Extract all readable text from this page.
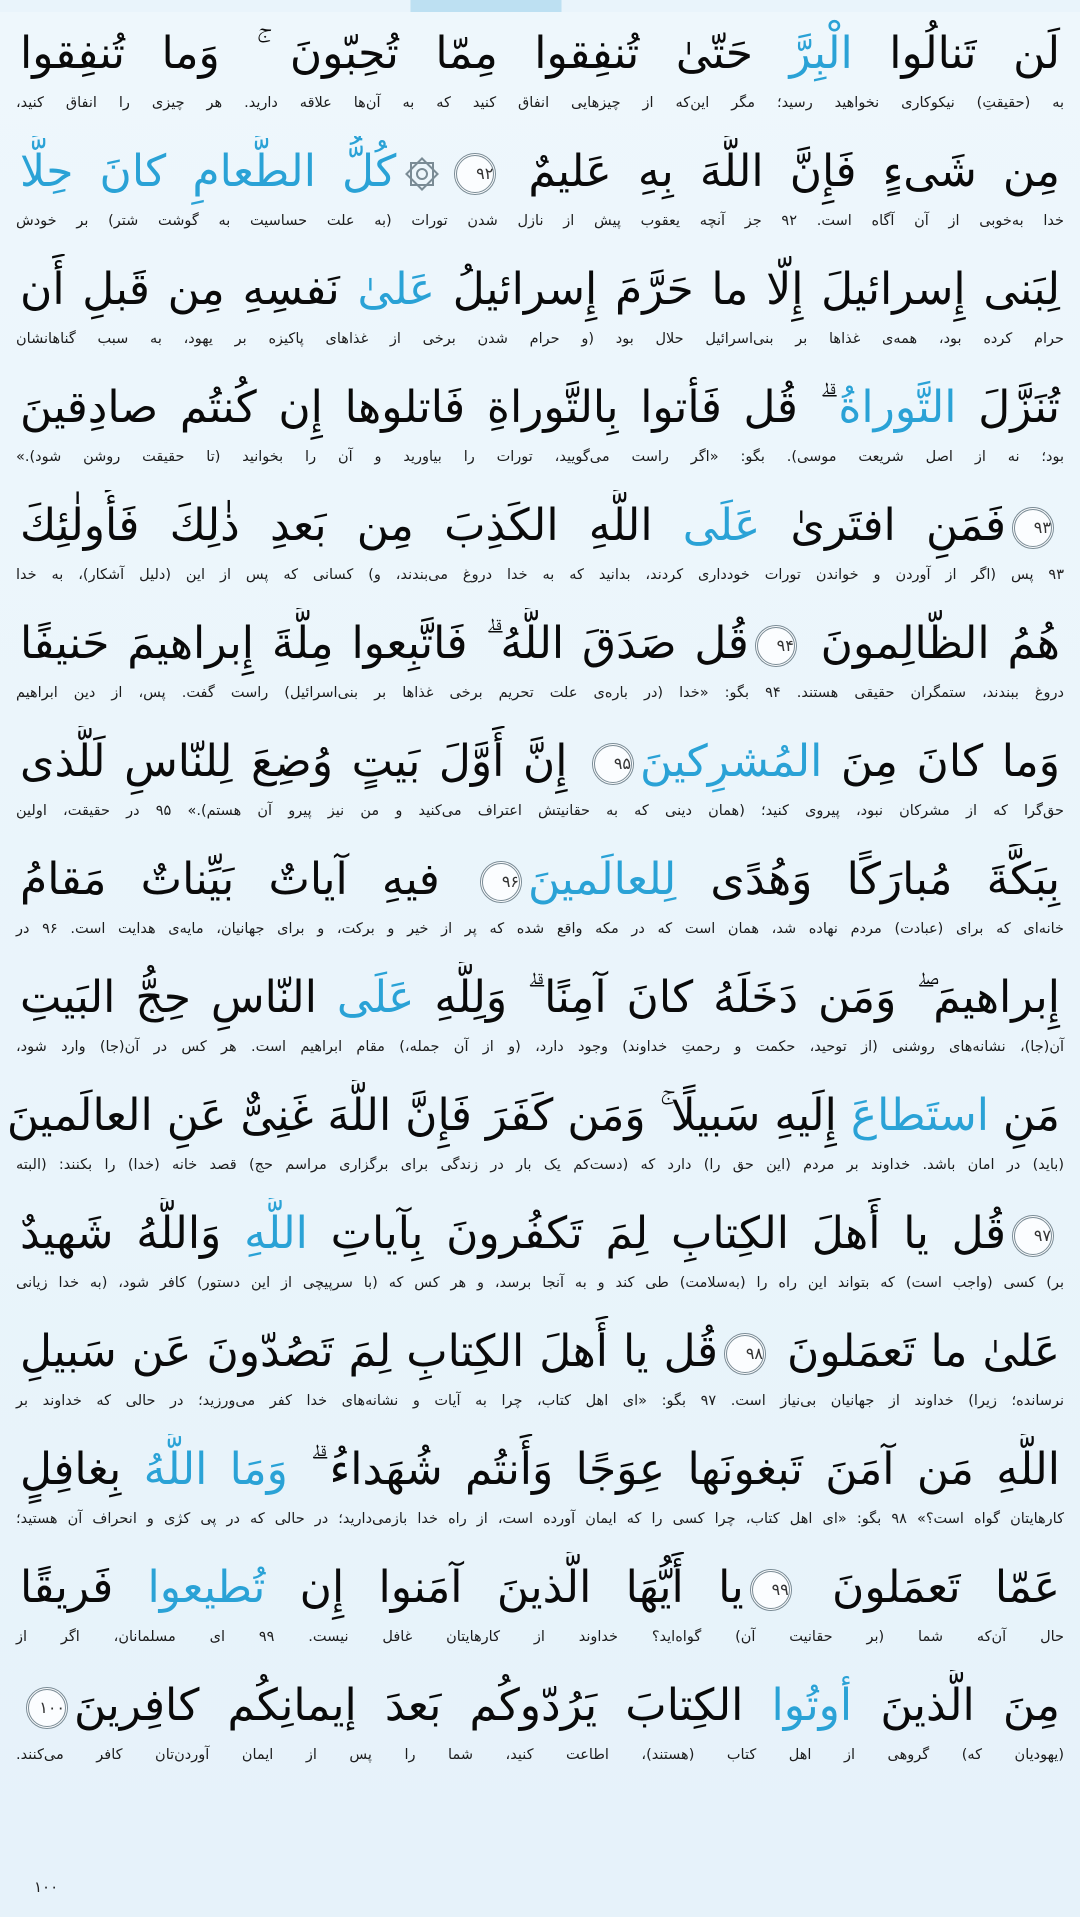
لَن تَنالُوا الْبِرَّ حَتّیٰ تُنفِقوا مِمّا تُحِبّونَ ۚ وَما تُنفِقوا
به (حقیقتِ) نیکوکاری نخواهید رسید؛ مگر این‌که از چیزهایی انفاق کنید که به آن‌ها علاقه دارید. هر چیزی را انفاق کنید،
مِن شَیءٍ فَإِنَّ اللَّهَ بِهِ عَلیمٌ ۹۲كُلُّ الطَّعامِ كانَ حِلًّا
خدا به‌خوبی از آن آگاه است. ۹۲ جز آنچه یعقوب پیش از نازل شدن تورات (به علت حساسیت به گوشت شتر) بر خودش
لِبَنی إِسرائیلَ إِلّا ما حَرَّمَ إِسرائیلُ عَلیٰ نَفسِهِ مِن قَبلِ أَن
حرام کرده بود، همه‌ی غذاها بر بنی‌اسرائیل حلال بود (و حرام شدن برخی از غذاهای پاکیزه بر یهود، به سبب گناهانشان
تُنَزَّلَ التَّوراةُ ۗ قُل فَأتوا بِالتَّوراةِ فَاتلوها إِن كُنتُم صادِقینَ
بود؛ نه از اصل شریعت موسی). بگو: «اگر راست می‌گویید، تورات را بیاورید و آن را بخوانید (تا حقیقت روشن شود).»
۹۳فَمَنِ افتَریٰ عَلَی اللَّهِ الكَذِبَ مِن بَعدِ ذٰلِكَ فَأُولٰئِكَ
۹۳ پس (اگر از آوردن و خواندن تورات خودداری کردند، بدانید که به خدا دروغ می‌بندند، و) کسانی که پس از این (دلیل آشکار)، به خدا
هُمُ الظّالِمونَ ۹۴قُل صَدَقَ اللَّهُ ۗ فَاتَّبِعوا مِلَّةَ إِبراهیمَ حَنیفًا
دروغ ببندند، ستمگران حقیقی هستند. ۹۴ بگو: «خدا (در باره‌ی علت تحریم برخی غذاها بر بنی‌اسرائیل) راست گفت. پس، از دین ابراهیم
وَما كانَ مِنَ المُشرِكینَ۹۵ إِنَّ أَوَّلَ بَیتٍ وُضِعَ لِلنّاسِ لَلَّذی
حق‌گرا که از مشرکان نبود، پیروی کنید؛ (همان دینی که به حقانیتش اعتراف می‌کنید و من نیز پیرو آن هستم).» ۹۵ در حقیقت، اولین
بِبَكَّةَ مُبارَكًا وَهُدًی لِلعالَمینَ۹۶ فیهِ آیاتٌ بَیِّناتٌ مَقامُ
خانه‌ای که برای (عبادت) مردم نهاده شد، همان است که در مکه واقع شده که پر از خیر و برکت، و برای جهانیان، مایه‌ی هدایت است. ۹۶ در
إِبراهیمَ ۖ وَمَن دَخَلَهُ كانَ آمِنًا ۗ وَلِلَّهِ عَلَی النّاسِ حِجُّ البَیتِ
آن(جا)، نشانه‌های روشنی (از توحید، حکمت و رحمتِ خداوند) وجود دارد، (و از آن جمله،) مقام ابراهیم است. هر کس در آن(جا) وارد شود،
مَنِ استَطاعَ إِلَیهِ سَبیلًا ۚ وَمَن كَفَرَ فَإِنَّ اللَّهَ غَنِیٌّ عَنِ العالَمینَ
(باید) در امان باشد. خداوند بر مردم (این حق را) دارد که (دست‌کم یک بار در زندگی برای برگزاری مراسم حج) قصد خانه (خدا) را بکنند: (البته
۹۷قُل یا أَهلَ الكِتابِ لِمَ تَكفُرونَ بِآیاتِ اللَّهِ وَاللَّهُ شَهیدٌ
بر) کسی (واجب است) که بتواند این راه را (به‌سلامت) طی کند و به آنجا برسد، و هر کس که (با سرپیچی از این دستور) کافر شود، (به خدا زیانی
عَلیٰ ما تَعمَلونَ ۹۸قُل یا أَهلَ الكِتابِ لِمَ تَصُدّونَ عَن سَبیلِ
نرسانده؛ زیرا) خداوند از جهانیان بی‌نیاز است. ۹۷ بگو: «ای اهل کتاب، چرا به آیات و نشانه‌های خدا کفر می‌ورزید؛ در حالی که خداوند بر
اللَّهِ مَن آمَنَ تَبغونَها عِوَجًا وَأَنتُم شُهَداءُ ۗ وَمَا اللَّهُ بِغافِلٍ
کارهایتان گواه است؟» ۹۸ بگو: «ای اهل کتاب، چرا کسی را که ایمان آورده است، از راه خدا بازمی‌دارید؛ در حالی که در پی کژی و انحراف آن هستید؛
عَمّا تَعمَلونَ ۹۹یا أَیُّهَا الَّذینَ آمَنوا إِن تُطیعوا فَریقًا
حال آن‌که شما (بر حقانیت آن) گواه‌اید؟ خداوند از کارهایتان غافل نیست. ۹۹ ای مسلمانان، اگر از
مِنَ الَّذینَ أوتُوا الكِتابَ یَرُدّوكُم بَعدَ إیمانِكُم كافِرینَ۱۰۰
(یهودیان که) گروهی از اهل کتاب (هستند)، اطاعت کنید، شما را پس از ایمان آوردن‌تان کافر می‌کنند.
۱۰۰
